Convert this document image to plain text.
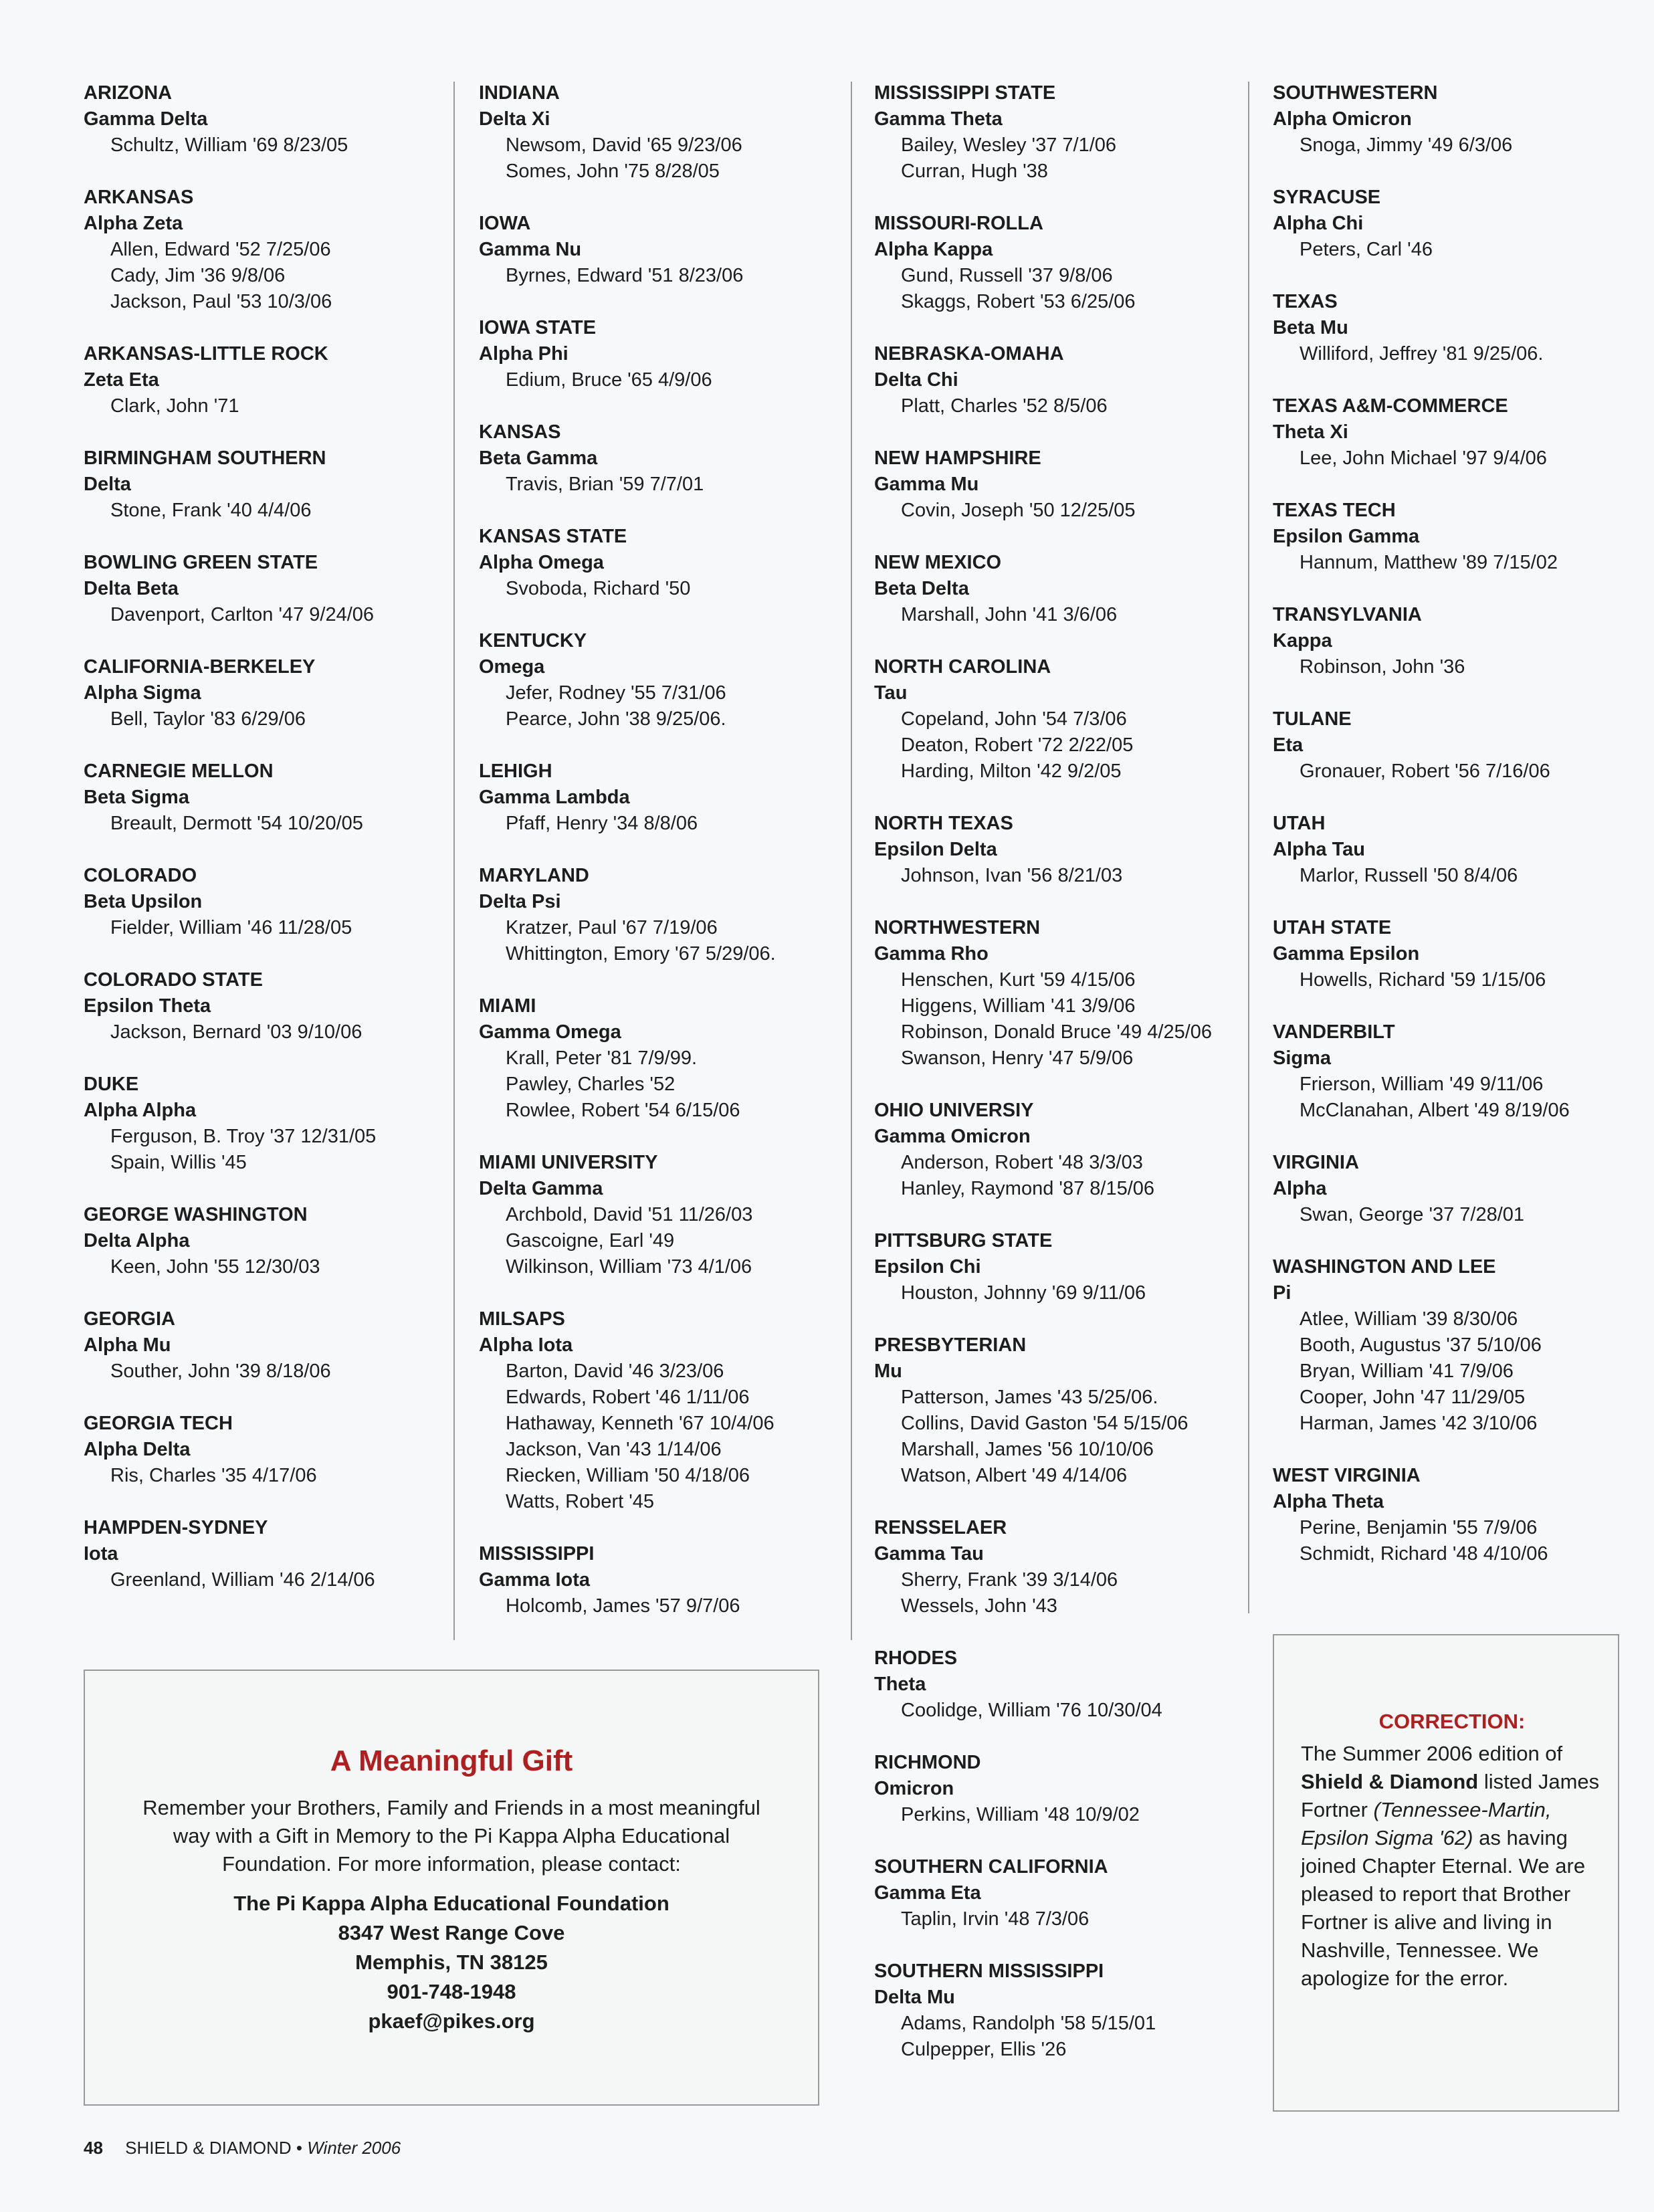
ARIZONA
Gamma Delta
Schultz, William '69 8/23/05
ARKANSAS
Alpha Zeta
Allen, Edward '52 7/25/06
Cady, Jim '36 9/8/06
Jackson, Paul '53 10/3/06
ARKANSAS-LITTLE ROCK
Zeta Eta
Clark, John '71
BIRMINGHAM SOUTHERN
Delta
Stone, Frank '40 4/4/06
BOWLING GREEN STATE
Delta Beta
Davenport, Carlton '47 9/24/06
CALIFORNIA-BERKELEY
Alpha Sigma
Bell, Taylor '83 6/29/06
CARNEGIE MELLON
Beta Sigma
Breault, Dermott '54 10/20/05
COLORADO
Beta Upsilon
Fielder, William '46 11/28/05
COLORADO STATE
Epsilon Theta
Jackson, Bernard '03 9/10/06
DUKE
Alpha Alpha
Ferguson, B. Troy '37 12/31/05
Spain, Willis '45
GEORGE WASHINGTON
Delta Alpha
Keen, John '55 12/30/03
GEORGIA
Alpha Mu
Souther, John '39 8/18/06
GEORGIA TECH
Alpha Delta
Ris, Charles '35 4/17/06
HAMPDEN-SYDNEY
Iota
Greenland, William '46 2/14/06
INDIANA
Delta Xi
Newsom, David '65 9/23/06
Somes, John '75 8/28/05
IOWA
Gamma Nu
Byrnes, Edward '51 8/23/06
IOWA STATE
Alpha Phi
Edium, Bruce '65 4/9/06
KANSAS
Beta Gamma
Travis, Brian '59 7/7/01
KANSAS STATE
Alpha Omega
Svoboda, Richard '50
KENTUCKY
Omega
Jefer, Rodney '55 7/31/06
Pearce, John '38 9/25/06.
LEHIGH
Gamma Lambda
Pfaff, Henry '34 8/8/06
MARYLAND
Delta Psi
Kratzer, Paul '67 7/19/06
Whittington, Emory '67 5/29/06.
MIAMI
Gamma Omega
Krall, Peter '81 7/9/99.
Pawley, Charles '52
Rowlee, Robert '54 6/15/06
MIAMI UNIVERSITY
Delta Gamma
Archbold, David '51 11/26/03
Gascoigne, Earl '49
Wilkinson, William '73 4/1/06
MILSAPS
Alpha Iota
Barton, David '46 3/23/06
Edwards, Robert '46 1/11/06
Hathaway, Kenneth '67 10/4/06
Jackson, Van '43 1/14/06
Riecken, William '50 4/18/06
Watts, Robert '45
MISSISSIPPI
Gamma Iota
Holcomb, James '57 9/7/06
MISSISSIPPI STATE
Gamma Theta
Bailey, Wesley '37 7/1/06
Curran, Hugh '38
MISSOURI-ROLLA
Alpha Kappa
Gund, Russell '37 9/8/06
Skaggs, Robert '53 6/25/06
NEBRASKA-OMAHA
Delta Chi
Platt, Charles '52 8/5/06
NEW HAMPSHIRE
Gamma Mu
Covin, Joseph '50 12/25/05
NEW MEXICO
Beta Delta
Marshall, John '41 3/6/06
NORTH CAROLINA
Tau
Copeland, John '54 7/3/06
Deaton, Robert '72 2/22/05
Harding, Milton '42 9/2/05
NORTH TEXAS
Epsilon Delta
Johnson, Ivan '56 8/21/03
NORTHWESTERN
Gamma Rho
Henschen, Kurt '59 4/15/06
Higgens, William '41 3/9/06
Robinson, Donald Bruce '49 4/25/06
Swanson, Henry '47 5/9/06
OHIO UNIVERSIY
Gamma Omicron
Anderson, Robert '48 3/3/03
Hanley, Raymond '87 8/15/06
PITTSBURG STATE
Epsilon Chi
Houston, Johnny '69 9/11/06
PRESBYTERIAN
Mu
Patterson, James '43 5/25/06.
Collins, David Gaston '54 5/15/06
Marshall, James '56 10/10/06
Watson, Albert '49 4/14/06
RENSSELAER
Gamma Tau
Sherry, Frank '39 3/14/06
Wessels, John '43
RHODES
Theta
Coolidge, William '76 10/30/04
RICHMOND
Omicron
Perkins, William '48 10/9/02
SOUTHERN CALIFORNIA
Gamma Eta
Taplin, Irvin '48 7/3/06
SOUTHERN MISSISSIPPI
Delta Mu
Adams, Randolph '58 5/15/01
Culpepper, Ellis '26
SOUTHWESTERN
Alpha Omicron
Snoga, Jimmy '49 6/3/06
SYRACUSE
Alpha Chi
Peters, Carl '46
TEXAS
Beta Mu
Williford, Jeffrey '81 9/25/06.
TEXAS A&M-COMMERCE
Theta Xi
Lee, John Michael '97 9/4/06
TEXAS TECH
Epsilon Gamma
Hannum, Matthew '89 7/15/02
TRANSYLVANIA
Kappa
Robinson, John '36
TULANE
Eta
Gronauer, Robert '56 7/16/06
UTAH
Alpha Tau
Marlor, Russell '50 8/4/06
UTAH STATE
Gamma Epsilon
Howells, Richard '59 1/15/06
VANDERBILT
Sigma
Frierson, William '49 9/11/06
McClanahan, Albert '49 8/19/06
VIRGINIA
Alpha
Swan, George '37 7/28/01
WASHINGTON AND LEE
Pi
Atlee, William '39 8/30/06
Booth, Augustus '37 5/10/06
Bryan, William '41 7/9/06
Cooper, John '47 11/29/05
Harman, James '42 3/10/06
WEST VIRGINIA
Alpha Theta
Perine, Benjamin '55 7/9/06
Schmidt, Richard '48 4/10/06
A Meaningful Gift
Remember your Brothers, Family and Friends in a most meaningful way with a Gift in Memory to the Pi Kappa Alpha Educational Foundation. For more information, please contact:
The Pi Kappa Alpha Educational Foundation
8347 West Range Cove
Memphis, TN 38125
901-748-1948
pkaef@pikes.org
CORRECTION:
The Summer 2006 edition of Shield & Diamond listed James Fortner (Tennessee-Martin, Epsilon Sigma '62) as having joined Chapter Eternal. We are pleased to report that Brother Fortner is alive and living in Nashville, Tennessee. We apologize for the error.
48 SHIELD & DIAMOND • Winter 2006
